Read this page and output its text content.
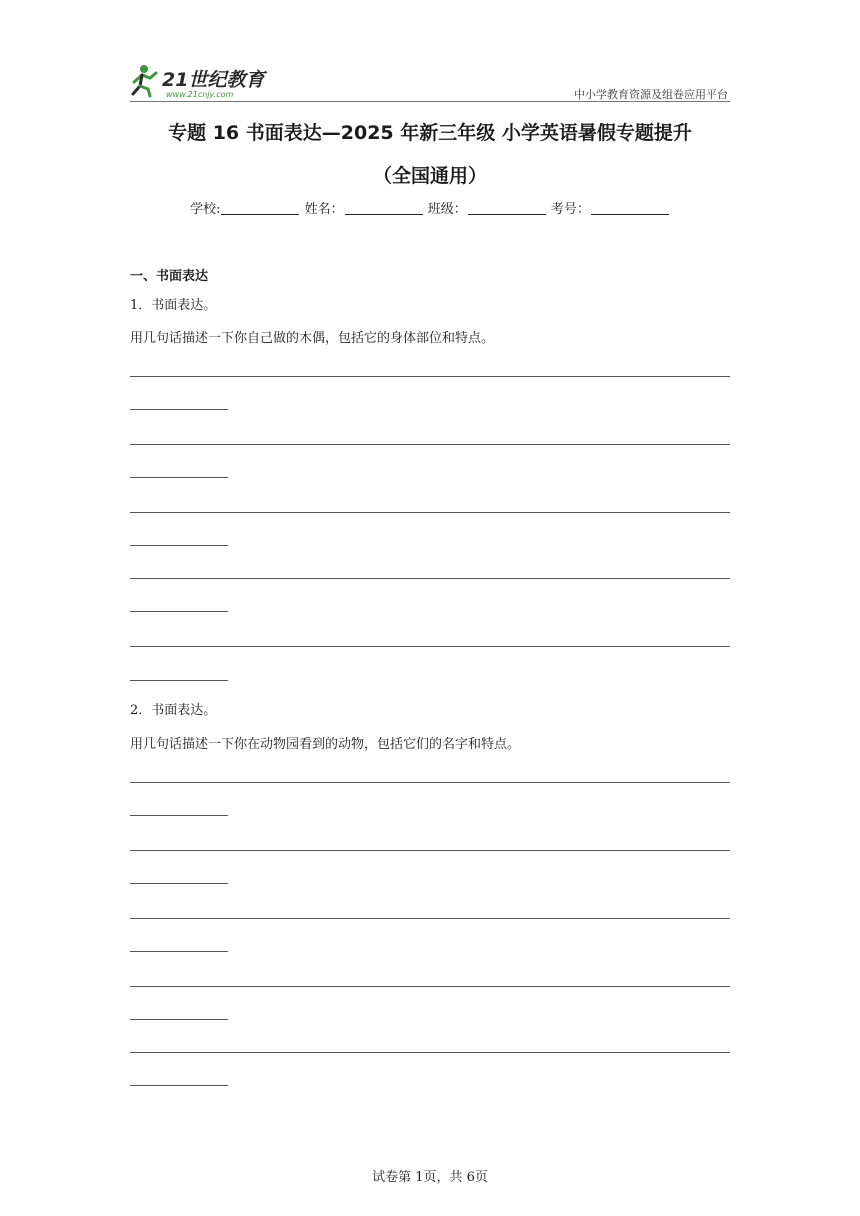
21世纪教育
www.21cnjy.com	中小学教育资源及组卷应用平台
专题 16 书面表达—2025 年新三年级 小学英语暑假专题提升
（全国通用）
学校:	姓名：	班级：	考号：
一、书面表达
1．书面表达。
用几句话描述一下你自己做的木偶，包括它的身体部位和特点。
2．书面表达。
用几句话描述一下你在动物园看到的动物，包括它们的名字和特点。
试卷第 1页，共 6页
